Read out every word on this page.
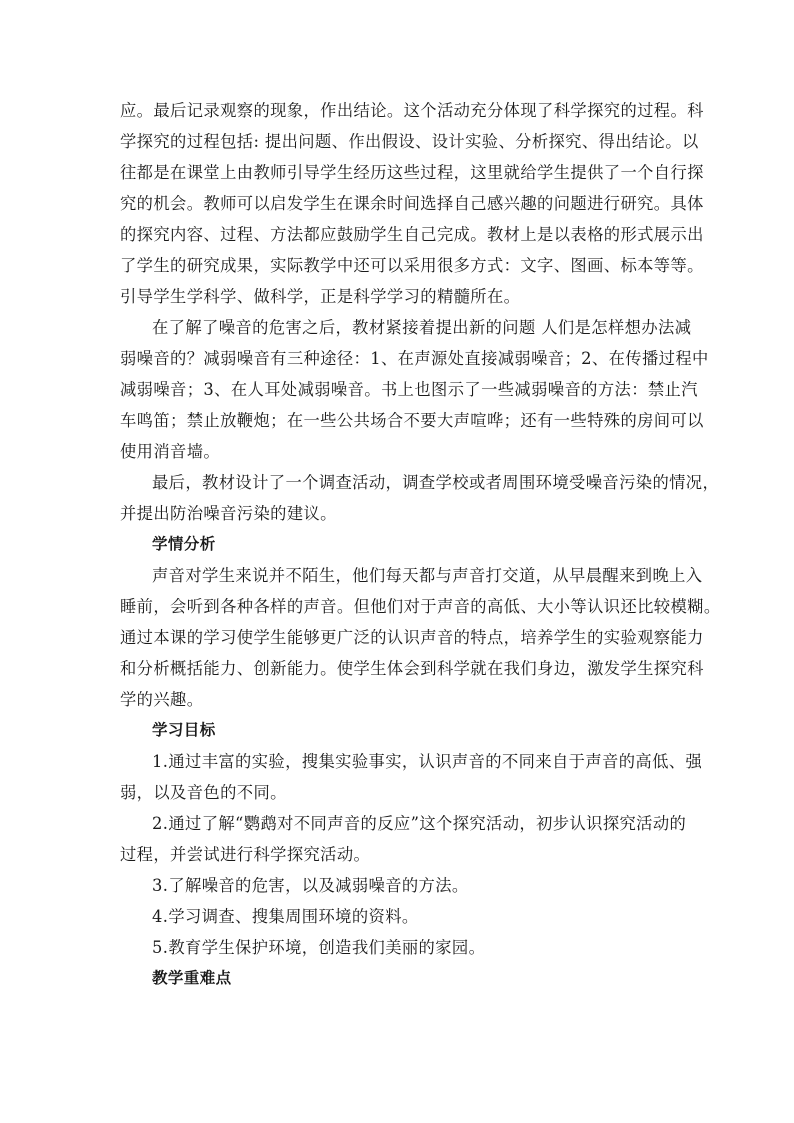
应。最后记录观察的现象，作出结论。这个活动充分体现了科学探究的过程。科
学探究的过程包括: 提出问题、作出假设、设计实验、分析探究、得出结论。以
往都是在课堂上由教师引导学生经历这些过程，这里就给学生提供了一个自行探
究的机会。教师可以启发学生在课余时间选择自己感兴趣的问题进行研究。具体
的探究内容、过程、方法都应鼓励学生自己完成。教材上是以表格的形式展示出
了学生的研究成果，实际教学中还可以采用很多方式：文字、图画、标本等等。
引导学生学科学、做科学，正是科学学习的精髓所在。
在了解了噪音的危害之后，教材紧接着提出新的问题 人们是怎样想办法减
弱噪音的？减弱噪音有三种途径：1、在声源处直接减弱噪音；2、在传播过程中
减弱噪音；3、在人耳处减弱噪音。书上也图示了一些减弱噪音的方法：禁止汽
车鸣笛；禁止放鞭炮；在一些公共场合不要大声喧哗；还有一些特殊的房间可以
使用消音墙。
最后，教材设计了一个调查活动，调查学校或者周围环境受噪音污染的情况，
并提出防治噪音污染的建议。
学情分析
声音对学生来说并不陌生，他们每天都与声音打交道，从早晨醒来到晚上入
睡前，会听到各种各样的声音。但他们对于声音的高低、大小等认识还比较模糊。
通过本课的学习使学生能够更广泛的认识声音的特点，培养学生的实验观察能力
和分析概括能力、创新能力。使学生体会到科学就在我们身边，激发学生探究科
学的兴趣。
学习目标
1.通过丰富的实验，搜集实验事实，认识声音的不同来自于声音的高低、强
弱，以及音色的不同。
2.通过了解“鹦鹉对不同声音的反应”这个探究活动，初步认识探究活动的
过程，并尝试进行科学探究活动。
3.了解噪音的危害，以及减弱噪音的方法。
4.学习调查、搜集周围环境的资料。
5.教育学生保护环境，创造我们美丽的家园。
教学重难点
